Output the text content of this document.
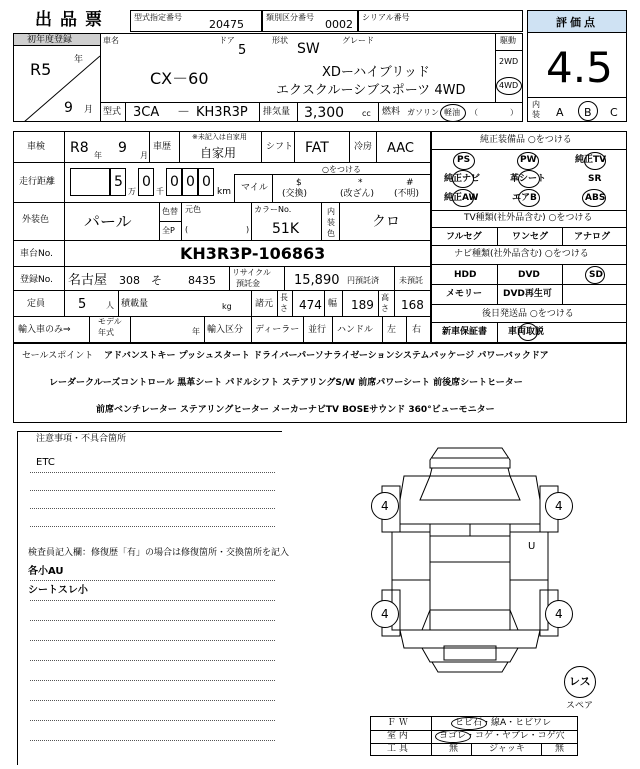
出品票	型式指定番号
20475
類別区分番号
0002
シリアル番号	評価点
4.5
内装 A B C
初年度登録
R5	年
9 月
車名
CX－60
ドア
5
形状
SW
グレード
XDーハイブリッド
エクスクルーシブスポーツ 4WD
駆動
2WD
4WD
型式 3CA － KH3R3P 排気量 3,300 cc 燃料 ガソリン 軽油 （	）
車検 R8 年 9 月
車歴
※未記入は自家用
自家用	シフト FAT	冷房 AAC
走行距離	5
万
0
千
0 0 0
km マイル
○をつける
$
(交換)
*
(改ざん)
#
(不明)
外装色 パール
色替
全P
元色
(	)
カラーNo.
51K
内装色
クロ
車台No.	KH3R3P-106863
登録No. 名古屋 308 そ 8435
リサイクル
預託金	15,890 円預託済	未預託
定員	5 人 積載量	kg	諸元
長さ 474 幅 189
高さ 168
輸入車のみ⇒
モデル
年式	年 輸入区分 ディーラー 並行 ハンドル 左 右
純正装備品 ○をつける
PS	PW	純正TV
純正ナビ	革シート	SR
純正AW	エアB	ABS
TV種類(社外品含む) ○をつける
フルセグ	ワンセグ	アナログ
ナビ種類(社外品含む) ○をつける
HDD	DVD	SD
メモリー DVD再生可
後日発送品 ○をつける
新車保証書 車両取説
セールスポイント アドバンストキー プッシュスタート ドライバーパーソナライゼーションシステムパッケージ パワーバックドア
レーダークルーズコントロール 黒革シート パドルシフト ステアリングS/W 前席パワーシート 前後席シートヒーター
前席ベンチレーター ステアリングヒーター メーカーナビTV BOSEサウンド 360°ビューモニター
注意事項・不具合箇所
ETC
検査員記入欄：修復歴「有」の場合は修復箇所・交換箇所を記入
各小AU
シートスレ小
4	4
4	4
U
レス
スペア
Ｆ Ｗ	ヒビ石・線A・ヒビワレ
室 内	ヨゴレ・コゲ・ヤブレ・コゲ穴
工 具	無	ジャッキ	無
